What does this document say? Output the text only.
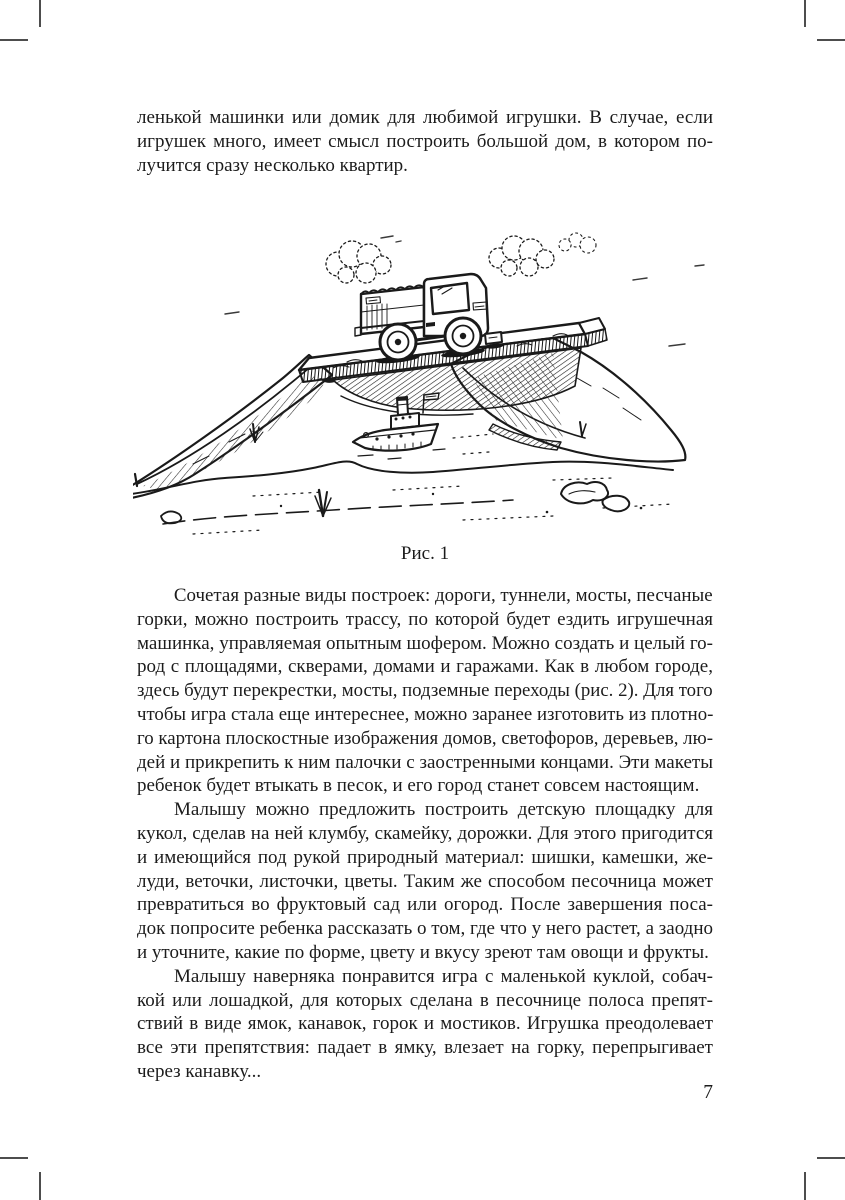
ленькой машинки или домик для любимой игрушки. В случае, если
игрушек много, имеет смысл построить большой дом, в котором по-
лучится сразу несколько квартир.
Рис. 1
Сочетая разные виды построек: дороги, туннели, мосты, песчаные
горки, можно построить трассу, по которой будет ездить игрушечная
машинка, управляемая опытным шофером. Можно создать и целый го-
род с площадями, скверами, домами и гаражами. Как в любом городе,
здесь будут перекрестки, мосты, подземные переходы (рис. 2). Для того
чтобы игра стала еще интереснее, можно заранее изготовить из плотно-
го картона плоскостные изображения домов, светофоров, деревьев, лю-
дей и прикрепить к ним палочки с заостренными концами. Эти макеты
ребенок будет втыкать в песок, и его город станет совсем настоящим.
Малышу можно предложить построить детскую площадку для
кукол, сделав на ней клумбу, скамейку, дорожки. Для этого пригодится
и имеющийся под рукой природный материал: шишки, камешки, же-
луди, веточки, листочки, цветы. Таким же способом песочница может
превратиться во фруктовый сад или огород. После завершения поса-
док попросите ребенка рассказать о том, где что у него растет, а заодно
и уточните, какие по форме, цвету и вкусу зреют там овощи и фрукты.
Малышу наверняка понравится игра с маленькой куклой, собач-
кой или лошадкой, для которых сделана в песочнице полоса препят-
ствий в виде ямок, канавок, горок и мостиков. Игрушка преодолевает
все эти препятствия: падает в ямку, влезает на горку, перепрыгивает
через канавку...
7
